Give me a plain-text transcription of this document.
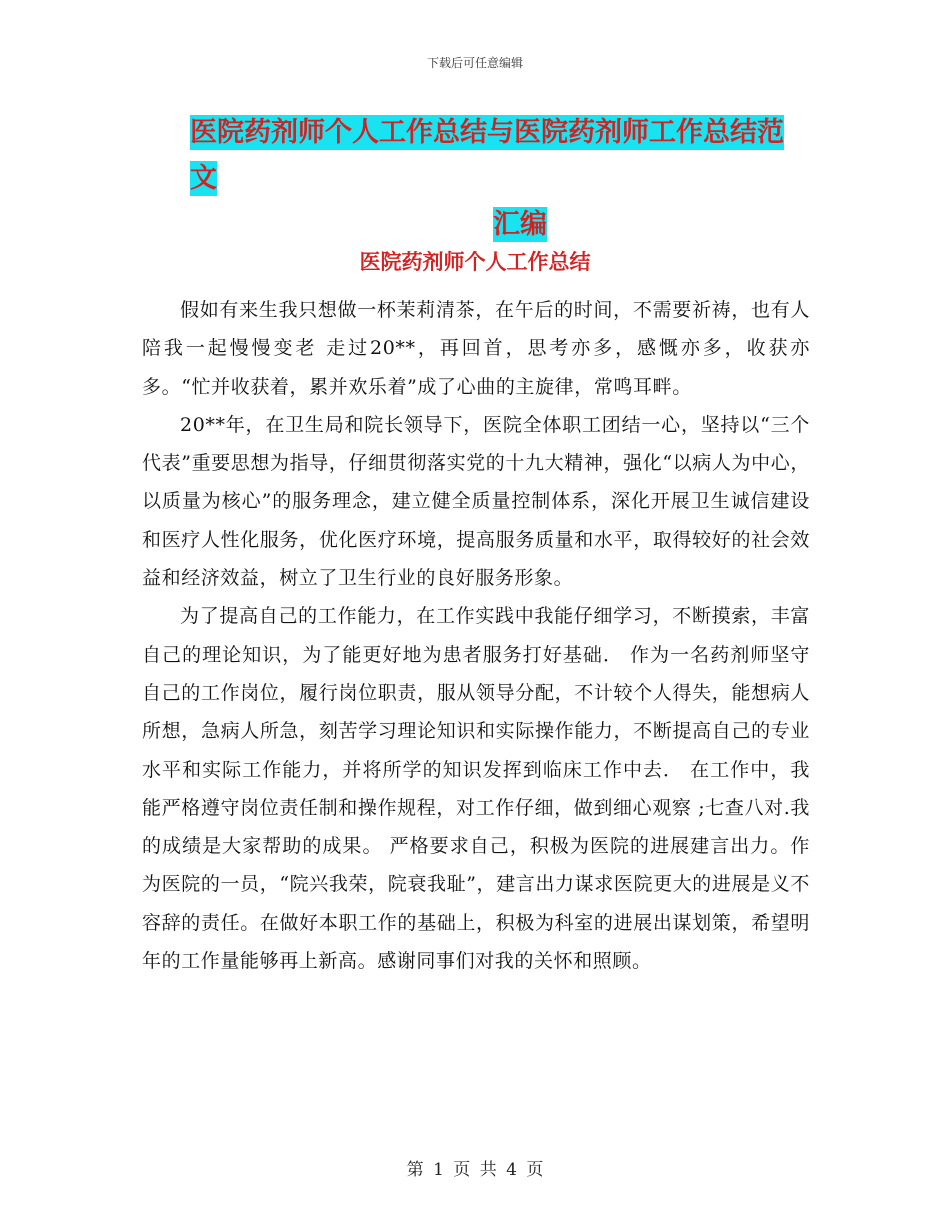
下载后可任意编辑
医院药剂师个人工作总结与医院药剂师工作总结范文
汇编
医院药剂师个人工作总结

假如有来生我只想做一杯茉莉清茶，在午后的时间，不需要祈祷，也有人陪我一起慢慢变老 走过20**，再回首，思考亦多，感慨亦多，收获亦多。“忙并收获着，累并欢乐着”成了心曲的主旋律，常鸣耳畔。

20**年，在卫生局和院长领导下，医院全体职工团结一心，坚持以“三个代表”重要思想为指导，仔细贯彻落实党的十九大精神，强化“以病人为中心，以质量为核心”的服务理念，建立健全质量控制体系，深化开展卫生诚信建设和医疗人性化服务，优化医疗环境，提高服务质量和水平，取得较好的社会效益和经济效益，树立了卫生行业的良好服务形象。

为了提高自己的工作能力，在工作实践中我能仔细学习，不断摸索，丰富自己的理论知识，为了能更好地为患者服务打好基础． 作为一名药剂师坚守自己的工作岗位，履行岗位职责，服从领导分配，不计较个人得失，能想病人所想，急病人所急，刻苦学习理论知识和实际操作能力，不断提高自己的专业水平和实际工作能力，并将所学的知识发挥到临床工作中去． 在工作中，我能严格遵守岗位责任制和操作规程，对工作仔细，做到细心观察 ;七查八对.我的成绩是大家帮助的成果。 严格要求自己，积极为医院的进展建言出力。作为医院的一员，“院兴我荣，院衰我耻”，建言出力谋求医院更大的进展是义不容辞的责任。在做好本职工作的基础上，积极为科室的进展出谋划策，希望明年的工作量能够再上新高。感谢同事们对我的关怀和照顾。

第 1 页 共 4 页
